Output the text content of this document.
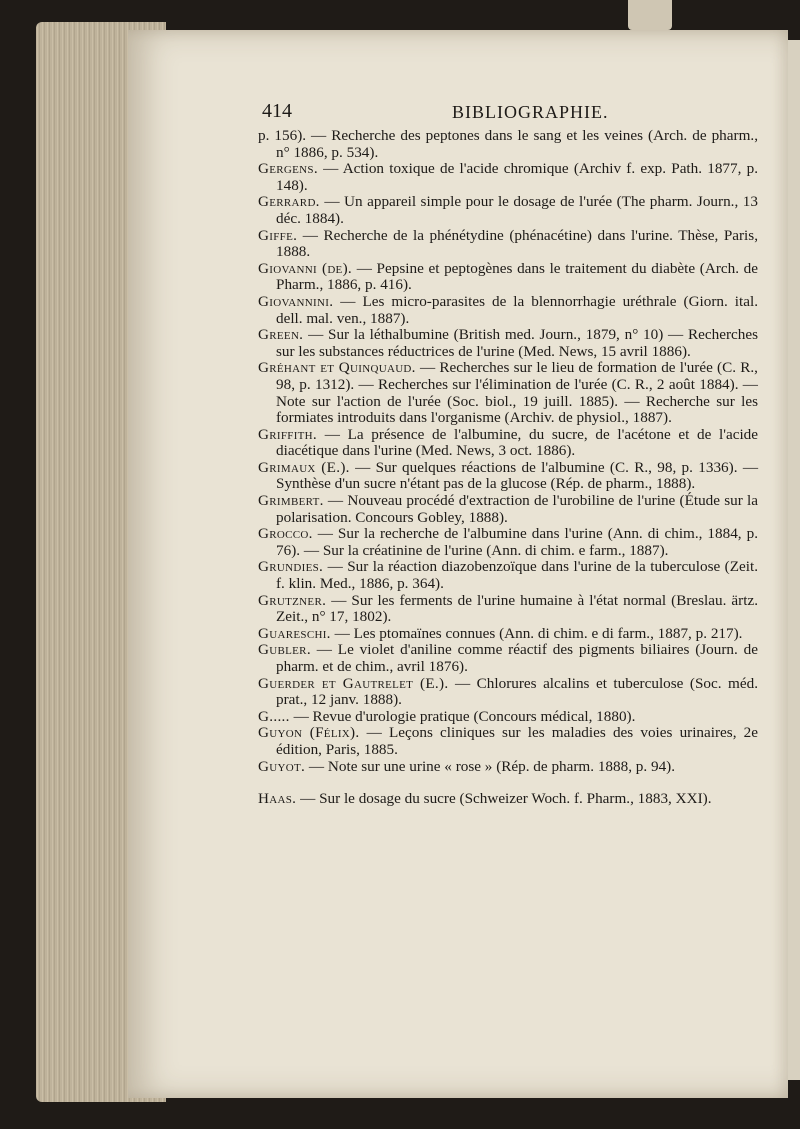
414	BIBLIOGRAPHIE.

p. 156). — Recherche des peptones dans le sang et les veines (Arch. de pharm., n° 1886, p. 534).

Gergens. — Action toxique de l'acide chromique (Archiv f. exp. Path. 1877, p. 148).

Gerrard. — Un appareil simple pour le dosage de l'urée (The pharm. Journ., 13 déc. 1884).

Giffe. — Recherche de la phénétydine (phénacétine) dans l'urine. Thèse, Paris, 1888.

Giovanni (de). — Pepsine et peptogènes dans le traitement du diabète (Arch. de Pharm., 1886, p. 416).

Giovannini. — Les micro-parasites de la blennorrhagie uréthrale (Giorn. ital. dell. mal. ven., 1887).

Green. — Sur la léthalbumine (British med. Journ., 1879, n° 10) — Recherches sur les substances réductrices de l'urine (Med. News, 15 avril 1886).

Gréhant et Quinquaud. — Recherches sur le lieu de formation de l'urée (C. R., 98, p. 1312). — Recherches sur l'élimination de l'urée (C. R., 2 août 1884). — Note sur l'action de l'urée (Soc. biol., 19 juill. 1885). — Recherche sur les formiates introduits dans l'organisme (Archiv. de physiol., 1887).

Griffith. — La présence de l'albumine, du sucre, de l'acétone et de l'acide diacétique dans l'urine (Med. News, 3 oct. 1886).

Grimaux (E.). — Sur quelques réactions de l'albumine (C. R., 98, p. 1336). — Synthèse d'un sucre n'étant pas de la glucose (Rép. de pharm., 1888).

Grimbert. — Nouveau procédé d'extraction de l'urobiline de l'urine (Étude sur la polarisation. Concours Gobley, 1888).

Grocco. — Sur la recherche de l'albumine dans l'urine (Ann. di chim., 1884, p. 76). — Sur la créatinine de l'urine (Ann. di chim. e farm., 1887).

Grundies. — Sur la réaction diazobenzoïque dans l'urine de la tuberculose (Zeit. f. klin. Med., 1886, p. 364).

Grutzner. — Sur les ferments de l'urine humaine à l'état normal (Breslau. ärtz. Zeit., n° 17, 1802).

Guareschi. — Les ptomaïnes connues (Ann. di chim. e di farm., 1887, p. 217).

Gubler. — Le violet d'aniline comme réactif des pigments biliaires (Journ. de pharm. et de chim., avril 1876).

Guerder et Gautrelet (E.). — Chlorures alcalins et tuberculose (Soc. méd. prat., 12 janv. 1888).

G..... — Revue d'urologie pratique (Concours médical, 1880).

Guyon (Félix). — Leçons cliniques sur les maladies des voies urinaires, 2e édition, Paris, 1885.

Guyot. — Note sur une urine « rose » (Rép. de pharm. 1888, p. 94).

Haas. — Sur le dosage du sucre (Schweizer Woch. f. Pharm., 1883, XXI).
